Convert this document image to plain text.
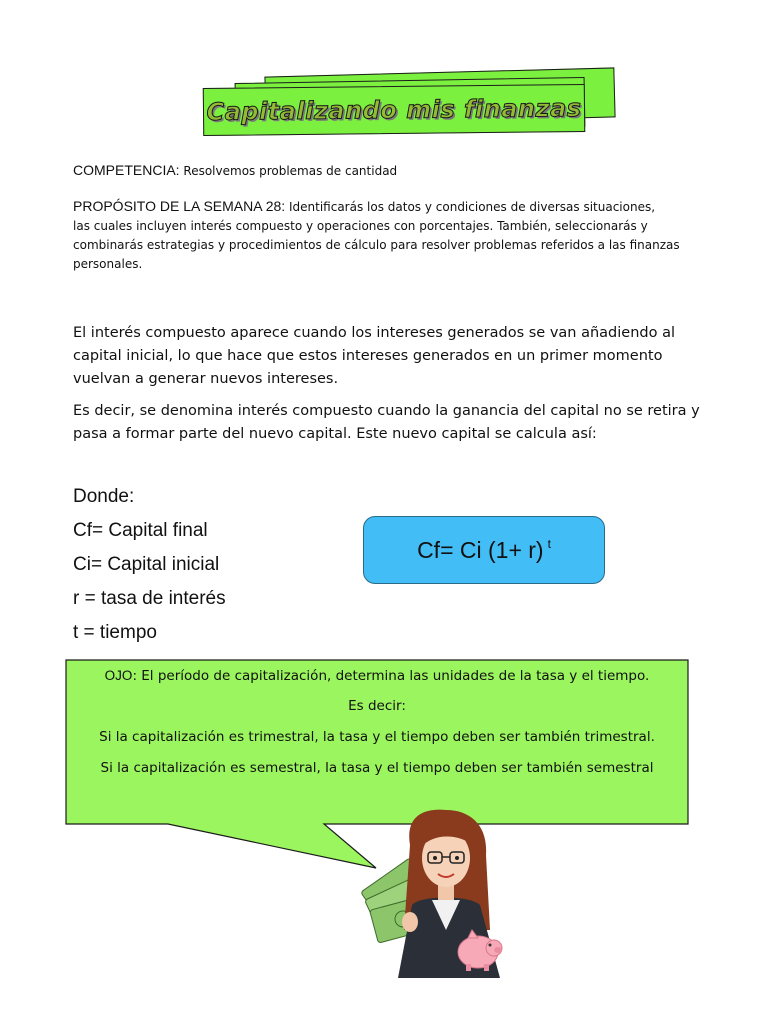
Capitalizando mis finanzas
COMPETENCIA: Resolvemos problemas de cantidad
PROPÓSITO DE LA SEMANA 28: Identificarás los datos y condiciones de diversas situaciones,
las cuales incluyen interés compuesto y operaciones con porcentajes. También, seleccionarás y
combinarás estrategias y procedimientos de cálculo para resolver problemas referidos a las finanzas
personales.
El interés compuesto aparece cuando los intereses generados se van añadiendo al
capital inicial, lo que hace que estos intereses generados en un primer momento
vuelvan a generar nuevos intereses.
Es decir, se denomina interés compuesto cuando la ganancia del capital no se retira y
pasa a formar parte del nuevo capital. Este nuevo capital se calcula así:
Donde:
Cf= Capital final
Ci= Capital inicial
r = tasa de interés
t = tiempo
Cf= Ci (1+ r) $^t$
OJO: El período de capitalización, determina las unidades de la tasa y el tiempo.
Es decir:
Si la capitalización es trimestral, la tasa y el tiempo deben ser también trimestral.
Si la capitalización es semestral, la tasa y el tiempo deben ser también semestral
